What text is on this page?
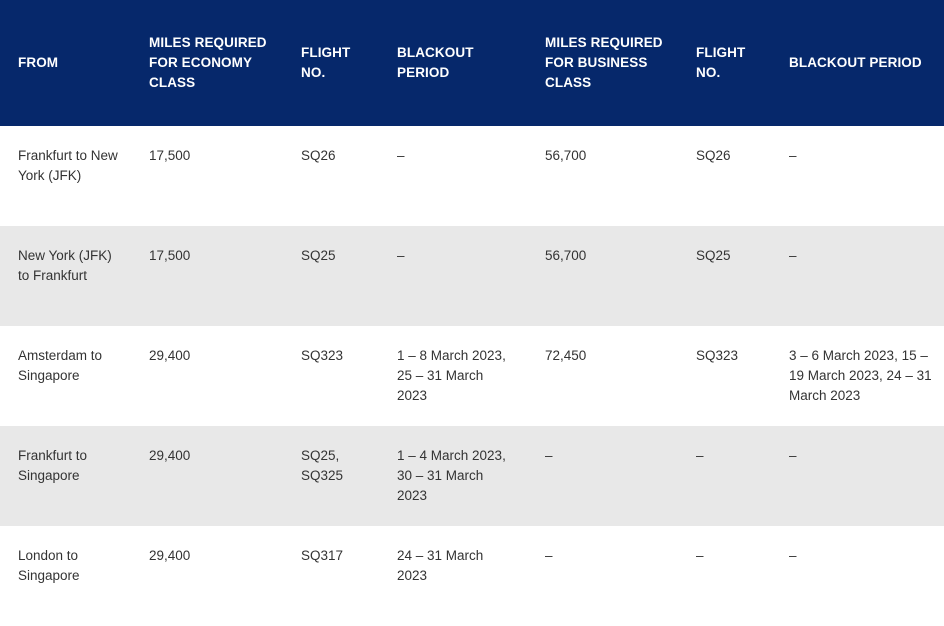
FROM	MILES REQUIRED FOR ECONOMY CLASS	FLIGHT NO.	BLACKOUT PERIOD	MILES REQUIRED FOR BUSINESS CLASS	FLIGHT NO.	BLACKOUT PERIOD
Frankfurt to New York (JFK)	17,500	SQ26	–	56,700	SQ26	–
New York (JFK) to Frankfurt	17,500	SQ25	–	56,700	SQ25	–
Amsterdam to Singapore	29,400	SQ323	1 – 8 March 2023, 25 – 31 March 2023	72,450	SQ323	3 – 6 March 2023, 15 – 19 March 2023, 24 – 31 March 2023
Frankfurt to Singapore	29,400	SQ25, SQ325	1 – 4 March 2023, 30 – 31 March 2023	–	–	–
London to Singapore	29,400	SQ317	24 – 31 March 2023	–	–	–
